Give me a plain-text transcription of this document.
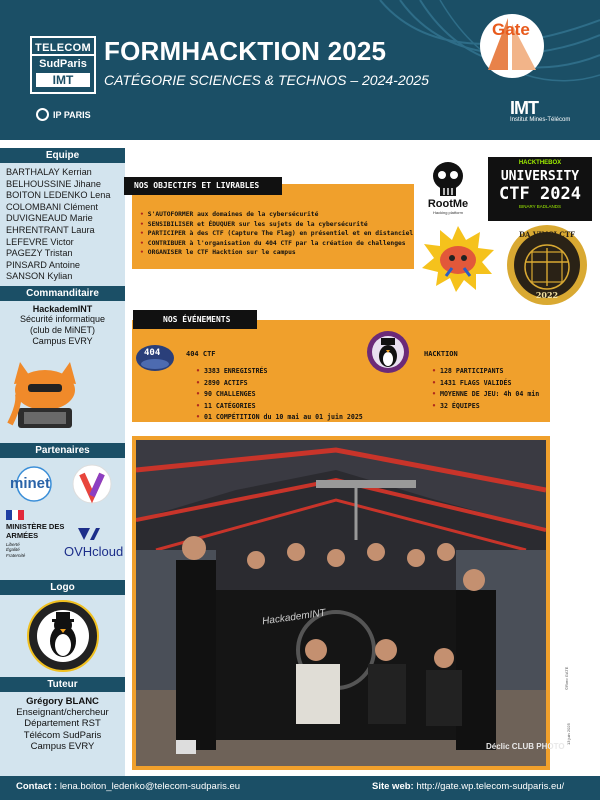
TELECOM
SudParis
IMT
IP PARIS
FORMHACKTION 2025
CATÉGORIE SCIENCES & TECHNOS – 2024-2025
Gate
IMT
Institut Mines-Télécom
Equipe
BARTHALAY Kerrian
BELHOUSSINE Jihane
BOITON LEDENKO Lena
COLOMBANI Clément
DUVIGNEAUD Marie
EHRENTRANT Laura
LEFEVRE Victor
PAGEZY Tristan
PINSARD Antoine
SANSON Kylian
Commanditaire
HackademINT
Sécurité informatique
(club de MiNET)
Campus EVRY
Partenaires
minet
MINISTÈRE DES ARMÉES
Liberté Égalité Fraternité	OVHcloud
Logo
Tuteur
Grégory BLANC
Enseignant/chercheur
Département RST
Télécom SudParis
Campus EVRY
NOS OBJECTIFS ET LIVRABLES
• S'AUTOFORMER aux domaines de la cybersécurité
• SENSIBILISER et ÉDUQUER sur les sujets de la cybersécurité
• PARTICIPER à des CTF (Capture The Flag) en présentiel et en distanciel
• CONTRIBUER à l'organisation du 404 CTF par la création de challenges
• ORGANISER le CTF Hacktion sur le campus
RootMe
Hacking platform
HACKTHEBOX
UNIVERSITY
CTF 2024
BINARY BADLANDS
DA VINCI CTF
2022
NOS ÉVÉNEMENTS
404	404 CTF
• 3383 ENREGISTRÉS
• 2890 ACTIFS
• 90 CHALLENGES
• 11 CATÉGORIES
• 01 COMPÉTITION du 10 mai au 01 juin 2025
HACKTION
• 128 PARTICIPANTS
• 1431 FLAGS VALIDÉS
• MOYENNE DE JEU: 4h 04 min
• 32 ÉQUIPES
HackademINT
Déclic CLUB PHOTO
©Roro GATE
13 juin 2025
Contact : lena.boiton_ledenko@telecom-sudparis.eu	Site web: http://gate.wp.telecom-sudparis.eu/
